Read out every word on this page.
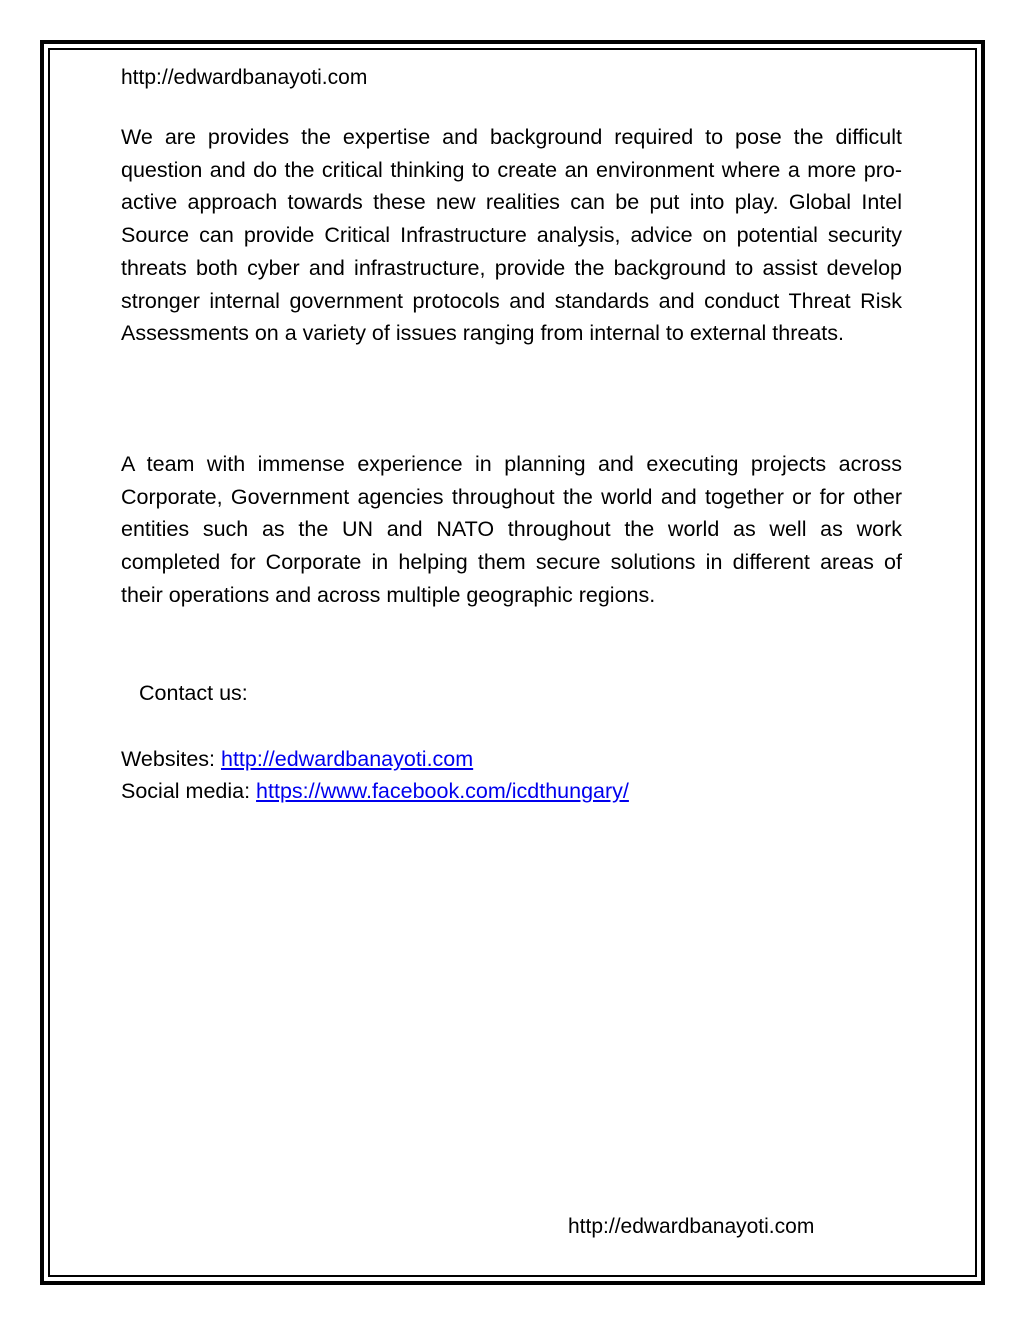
http://edwardbanayoti.com

We are provides the expertise and background required to pose the difficult question and do the critical thinking to create an environment where a more pro-active approach towards these new realities can be put into play. Global Intel Source can provide Critical Infrastructure analysis, advice on potential security threats both cyber and infrastructure, provide the background to assist develop stronger internal government protocols and standards and conduct Threat Risk Assessments on a variety of issues ranging from internal to external threats.

A team with immense experience in planning and executing projects across Corporate, Government agencies throughout the world and together or for other entities such as the UN and NATO throughout the world as well as work completed for Corporate in helping them secure solutions in different areas of their operations and across multiple geographic regions.

Contact us:
Websites: http://edwardbanayoti.com
Social media: https://www.facebook.com/icdthungary/
http://edwardbanayoti.com
